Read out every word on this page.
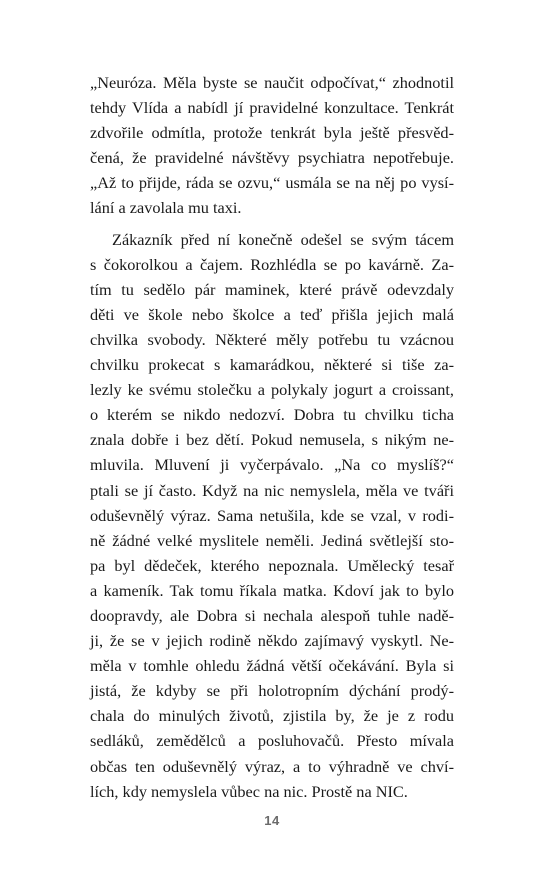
„Neuróza. Měla byste se naučit odpočívat,“ zhodnotil
tehdy Vlída a nabídl jí pravidelné konzultace. Tenkrát
zdvořile odmítla, protože tenkrát byla ještě přesvěd-
čená, že pravidelné návštěvy psychiatra nepotřebuje.
„Až to přijde, ráda se ozvu,“ usmála se na něj po vysí-
lání a zavolala mu taxi.
Zákazník před ní konečně odešel se svým tácem
s čokorolkou a čajem. Rozhlédla se po kavárně. Za-
tím tu sedělo pár maminek, které právě odevzdaly
děti ve škole nebo školce a teď přišla jejich malá
chvilka svobody. Některé měly potřebu tu vzácnou
chvilku prokecat s kamarádkou, některé si tiše za-
lezly ke svému stolečku a polykaly jogurt a croissant,
o kterém se nikdo nedozví. Dobra tu chvilku ticha
znala dobře i bez dětí. Pokud nemusela, s nikým ne-
mluvila. Mluvení ji vyčerpávalo. „Na co myslíš?“
ptali se jí často. Když na nic nemyslela, měla ve tváři
oduševnělý výraz. Sama netušila, kde se vzal, v rodi-
ně žádné velké myslitele neměli. Jediná světlejší sto-
pa byl dědeček, kterého nepoznala. Umělecký tesař
a kameník. Tak tomu říkala matka. Kdoví jak to bylo
doopravdy, ale Dobra si nechala alespoň tuhle nadě-
ji, že se v jejich rodině někdo zajímavý vyskytl. Ne-
měla v tomhle ohledu žádná větší očekávání. Byla si
jistá, že kdyby se při holotropním dýchání prodý-
chala do minulých životů, zjistila by, že je z rodu
sedláků, zemědělců a posluhovačů. Přesto mívala
občas ten oduševnělý výraz, a to výhradně ve chví-
lích, kdy nemyslela vůbec na nic. Prostě na NIC.
14
